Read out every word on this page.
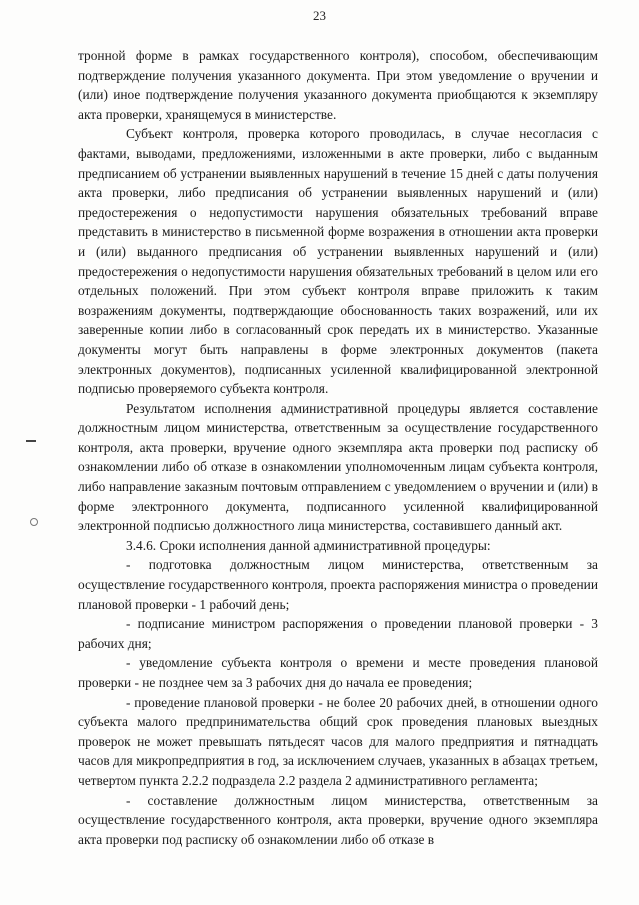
23

тронной форме в рамках государственного контроля), способом, обеспечивающим подтверждение получения указанного документа. При этом уведомление о вручении и (или) иное подтверждение получения указанного документа приобщаются к экземпляру акта проверки, хранящемуся в министерстве.

Субъект контроля, проверка которого проводилась, в случае несогласия с фактами, выводами, предложениями, изложенными в акте проверки, либо с выданным предписанием об устранении выявленных нарушений в течение 15 дней с даты получения акта проверки, либо предписания об устранении выявленных нарушений и (или) предостережения о недопустимости нарушения обязательных требований вправе представить в министерство в письменной форме возражения в отношении акта проверки и (или) выданного предписания об устранении выявленных нарушений и (или) предостережения о недопустимости нарушения обязательных требований в целом или его отдельных положений. При этом субъект контроля вправе приложить к таким возражениям документы, подтверждающие обоснованность таких возражений, или их заверенные копии либо в согласованный срок передать их в министерство. Указанные документы могут быть направлены в форме электронных документов (пакета электронных документов), подписанных усиленной квалифицированной электронной подписью проверяемого субъекта контроля.

Результатом исполнения административной процедуры является составление должностным лицом министерства, ответственным за осуществление государственного контроля, акта проверки, вручение одного экземпляра акта проверки под расписку об ознакомлении либо об отказе в ознакомлении уполномоченным лицам субъекта контроля, либо направление заказным почтовым отправлением с уведомлением о вручении и (или) в форме электронного документа, подписанного усиленной квалифицированной электронной подписью должностного лица министерства, составившего данный акт.

3.4.6. Сроки исполнения данной административной процедуры:

- подготовка должностным лицом министерства, ответственным за осуществление государственного контроля, проекта распоряжения министра о проведении плановой проверки - 1 рабочий день;

- подписание министром распоряжения о проведении плановой проверки - 3 рабочих дня;

- уведомление субъекта контроля о времени и месте проведения плановой проверки - не позднее чем за 3 рабочих дня до начала ее проведения;

- проведение плановой проверки - не более 20 рабочих дней, в отношении одного субъекта малого предпринимательства общий срок проведения плановых выездных проверок не может превышать пятьдесят часов для малого предприятия и пятнадцать часов для микропредприятия в год, за исключением случаев, указанных в абзацах третьем, четвертом пункта 2.2.2 подраздела 2.2 раздела 2 административного регламента;

- составление должностным лицом министерства, ответственным за осуществление государственного контроля, акта проверки, вручение одного экземпляра акта проверки под расписку об ознакомлении либо об отказе в
